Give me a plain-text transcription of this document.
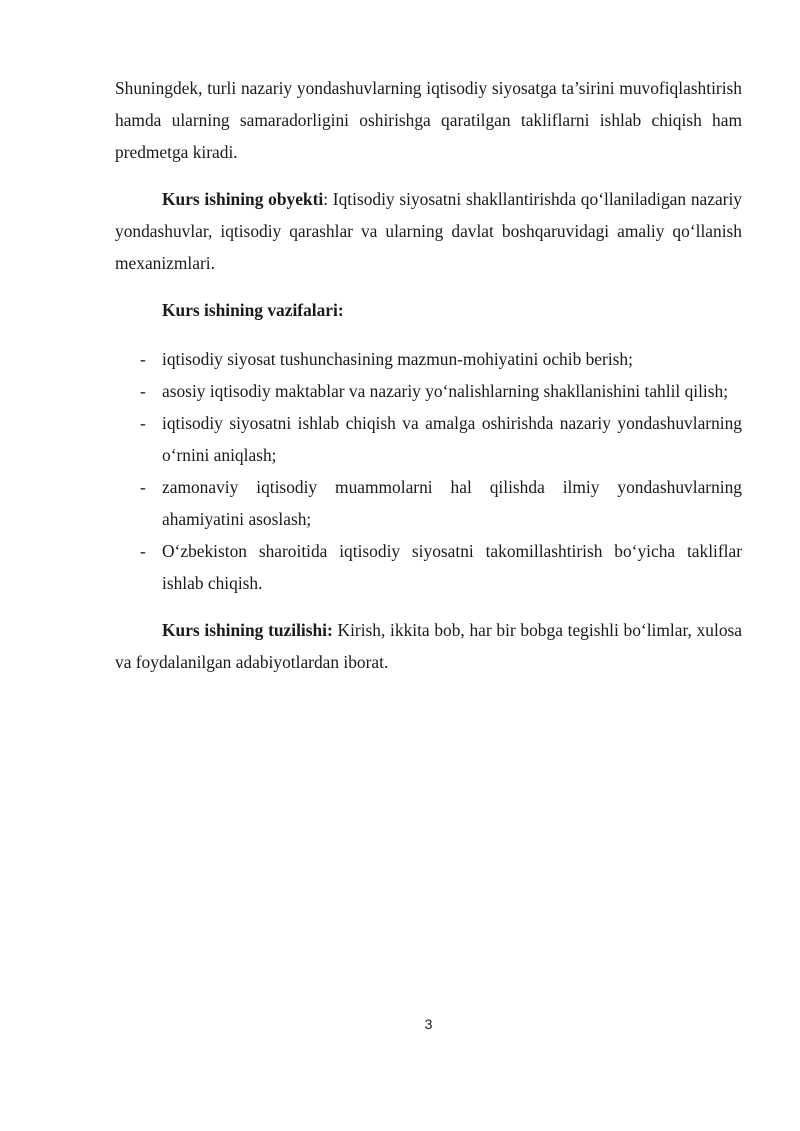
Shuningdek, turli nazariy yondashuvlarning iqtisodiy siyosatga ta’sirini muvofiqlashtirish hamda ularning samaradorligini oshirishga qaratilgan takliflarni ishlab chiqish ham predmetga kiradi.

Kurs ishining obyekti: Iqtisodiy siyosatni shakllantirishda qo‘llaniladigan nazariy yondashuvlar, iqtisodiy qarashlar va ularning davlat boshqaruvidagi amaliy qo‘llanish mexanizmlari.

Kurs ishining vazifalari:

- iqtisodiy siyosat tushunchasining mazmun-mohiyatini ochib berish;
- asosiy iqtisodiy maktablar va nazariy yo‘nalishlarning shakllanishini tahlil qilish;
- iqtisodiy siyosatni ishlab chiqish va amalga oshirishda nazariy yondashuvlarning o‘rnini aniqlash;
- zamonaviy iqtisodiy muammolarni hal qilishda ilmiy yondashuvlarning ahamiyatini asoslash;
- O‘zbekiston sharoitida iqtisodiy siyosatni takomillashtirish bo‘yicha takliflar ishlab chiqish.

Kurs ishining tuzilishi: Kirish, ikkita bob, har bir bobga tegishli bo‘limlar, xulosa va foydalanilgan adabiyotlardan iborat.

3
